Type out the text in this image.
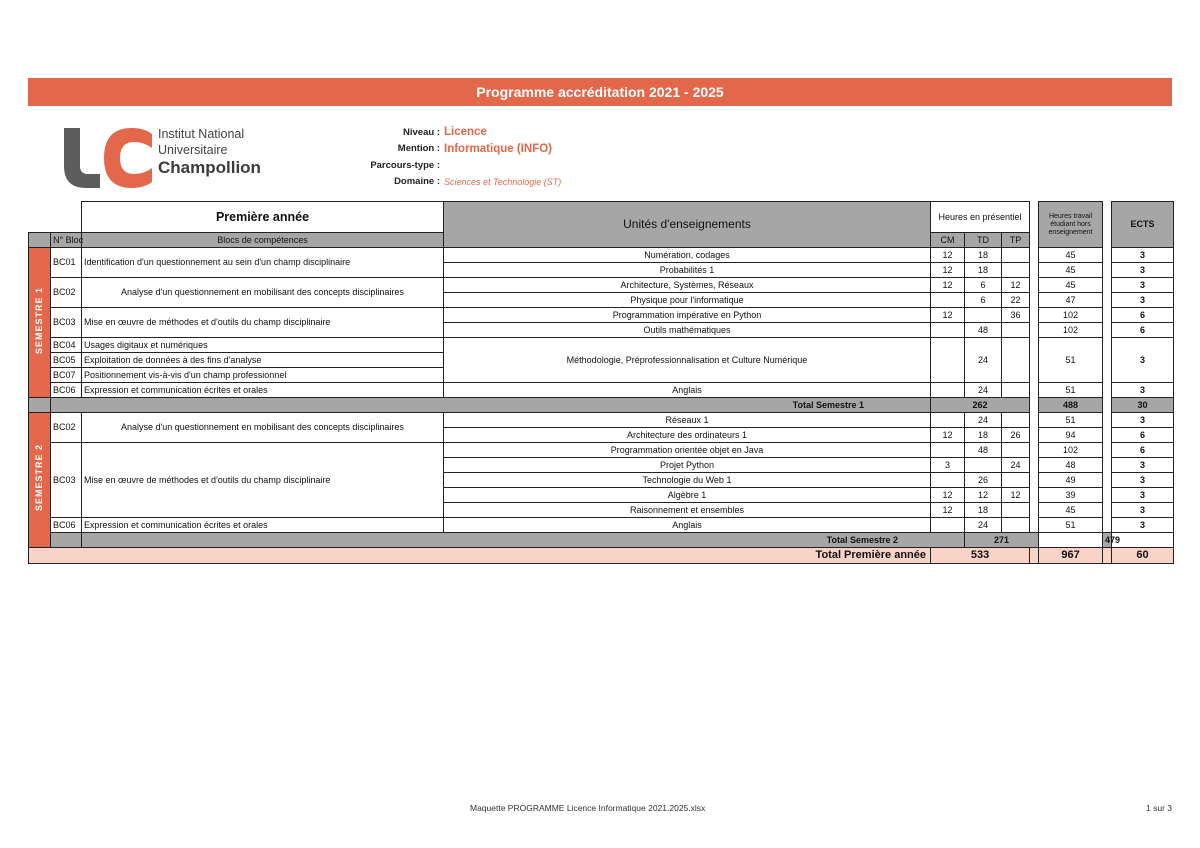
Programme accréditation 2021 - 2025
Institut National
Universitaire
Champollion
Niveau : Licence
Mention : Informatique (INFO)
Parcours-type :
Domaine : Sciences et Technologie (ST)
		Première année	Unités d'enseignements	Heures en présentiel				Heures travail étudiant hors enseignement		ECTS	
	N° Bloc	Blocs de compétences		CM	TD	TP					
SEMESTRE 1	BC01	Identification d'un questionnement au sein d'un champ disciplinaire	Numération, codages	12	18			45		3	
			Probabilités 1	12	18			45		3	
	BC02	Analyse d'un questionnement en mobilisant des concepts disciplinaires	Architecture, Systèmes, Réseaux	12	6	12		45		3	
			Physique pour l'informatique		6	22		47		3	
	BC03	Mise en œuvre de méthodes et d'outils du champ disciplinaire	Programmation impérative en Python	12		36		102		6	
			Outils mathématiques		48			102		6	
	BC04	Usages digitaux et numériques	Méthodologie, Préprofessionnalisation et Culture Numérique		24			51		3	
	BC05	Exploitation de données à des fins d'analyse									
	BC07	Positionnement vis-à-vis d'un champ professionnel									
	BC06	Expression et communication écrites et orales	Anglais		24			51		3	
	Total Semestre 1			262				488		30	
SEMESTRE 2	BC02	Analyse d'un questionnement en mobilisant des concepts disciplinaires	Réseaux 1		24			51		3	
			Architecture des ordinateurs 1	12	18	26		94		6	
	BC03	Mise en œuvre de méthodes et d'outils du champ disciplinaire	Programmation orientée objet en Java		48			102		6	
			Projet Python	3		24		48		3	
			Technologie du Web 1		26			49		3	
			Algèbre 1	12	12	12		39		3	
			Raisonnement et ensembles	12	18			45		3	
	BC06	Expression et communication écrites et orales	Anglais		24			51		3	
		Total Semestre 2			271				479		
Total Première année				533				967		60	
Maquette PROGRAMME Licence Informatique 2021.2025.xlsx	1 sur 3
